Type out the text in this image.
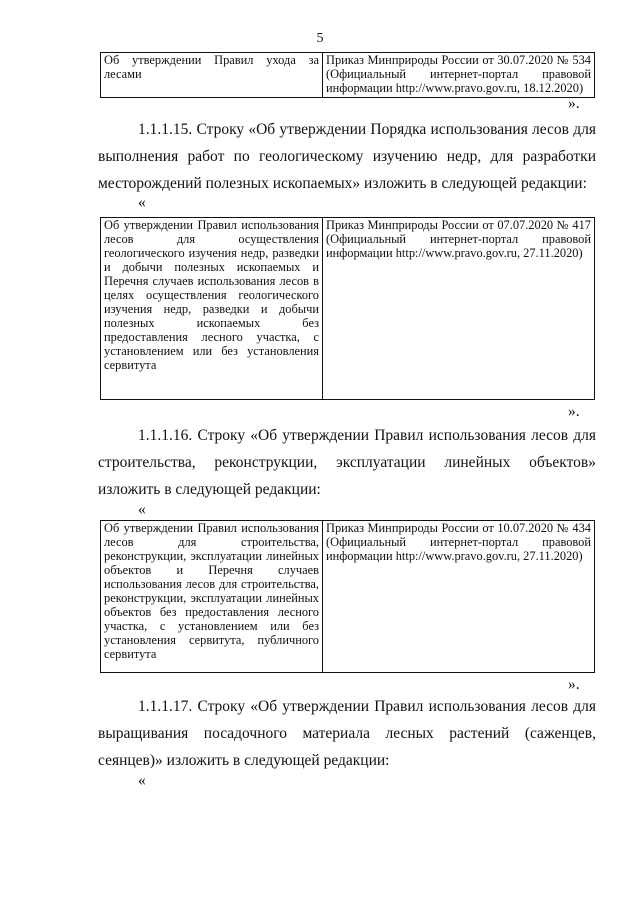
5
Об утверждении Правил ухода за лесами	Приказ Минприроды России от 30.07.2020 № 534 (Официальный интернет-портал правовой информации http://www.pravo.gov.ru, 18.12.2020)
».
1.1.1.15. Строку «Об утверждении Порядка использования лесов для выполнения работ по геологическому изучению недр, для разработки месторождений полезных ископаемых» изложить в следующей редакции:
«
Об утверждении Правил использования лесов для осуществления геологического изучения недр, разведки и добычи полезных ископаемых и Перечня случаев использования лесов в целях осуществления геологического изучения недр, разведки и добычи полезных ископаемых без предоставления лесного участка, с установлением или без установления сервитута	Приказ Минприроды России от 07.07.2020 № 417 (Официальный интернет-портал правовой информации http://www.pravo.gov.ru, 27.11.2020)
».
1.1.1.16. Строку «Об утверждении Правил использования лесов для строительства, реконструкции, эксплуатации линейных объектов» изложить в следующей редакции:
«
Об утверждении Правил использования лесов для строительства, реконструкции, эксплуатации линейных объектов и Перечня случаев использования лесов для строительства, реконструкции, эксплуатации линейных объектов без предоставления лесного участка, с установлением или без установления сервитута, публичного сервитута	Приказ Минприроды России от 10.07.2020 № 434 (Официальный интернет-портал правовой информации http://www.pravo.gov.ru, 27.11.2020)
».
1.1.1.17. Строку «Об утверждении Правил использования лесов для выращивания посадочного материала лесных растений (саженцев, сеянцев)» изложить в следующей редакции:
«
